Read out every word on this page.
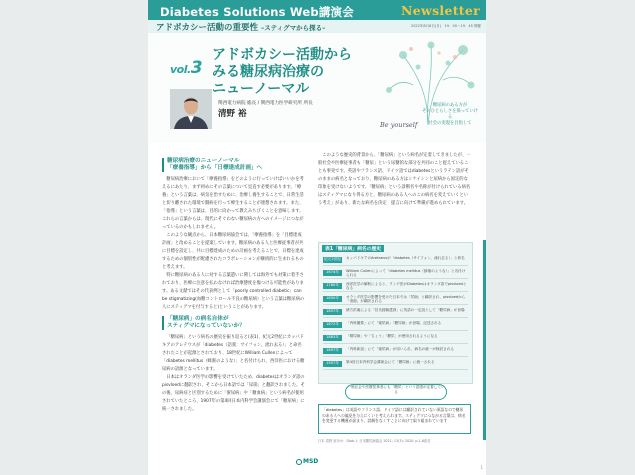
Diabetes Solutions Web講演会	Newsletter
アドボカシー活動の重要性 –スティグマから探る–	2022年8月8日(月)　19：00〜19：45 開催
vol.3
アドボカシー活動から
みる糖尿病治療の
ニューノーマル
関西電力病院 総長 / 関西電力医学研究所 所長
清野 裕
糖尿病のある方が
そのひとらしさを保っていける
社会の実現を目指して
Be yourself
糖尿病治療のニューノーマル
「療養指導」から「日標達成計画」へ

糖尿病治療において「療養指導」をどのように行っていけばいいかを考えるにあたり、まず初めにその言葉について見直す必要があります。「療養」という言葉は、病気を治すために、治療し養生することで、日常生活と切り離された環境で闘病を行って療生することが連想されます。また、「指導」という言葉は、目的に向かって教えみちびくことを意味します。これらの言葉からは、現代にそぐわない糖尿病の方へのイメージにつながっているのかもしれません。

このような観点から、日本糖尿病協会では、「療養指導」を「目標達成計画」と改めることを提案しています。糖尿病のある人と医療従事者が共に目標を設定し、共に目標達成のための計画を考えることで、日標を達成するための個別性が配慮されたコラボレーションが継続的に生まれるものと考えます。

特に糖尿病のある人に対する言葉遣いに関しては海外でも対策に着手されており、医療に注意を払わなければ治療態度を傷つける可能性があります。ある文献ではその代表例として「poorly controlled diabetic」can be stigmatizing(血糖コントロール不良の糖尿病）という言葉は糖尿病の人にスティグマを付与すると)ということがあります。

「糖尿病」の病名自体が
スティグマになっていないか？

「糖尿病」という病名の歴史を振り返ると(表1)、紀元2世紀にカッパドキアのアレテウスが「diabetes（語義：サイフォン、流れ去る）」と命名されたことが起源とされており、18世紀にWilliam Cullenによって「diabetes mellitus（蜂蜜のような）」と名付けられ、西洋医における糖尿病の語源となっています。

日本はオランダ医学の影響を受けていたため、diabetesはオランダ語のpisvloedに翻訳され、そこから日本語では「尿崩」と翻訳されました。その後、尿病症と区別するために「蜜尿病」や「糖血病」という病名が使用されていたところ、1907年の第4回日本内科学会講演会にて「糖尿病」に統一されました。

このような歴史的背景から、「糖尿病」という病名が定着してきましたが、一般社会や医療従事者も「糖尿」という尿糖的な部分を共同のこと捉えていることも事実です。英語やフランス語、ドイツ語ではdiabetesというラテン語がそのままの病名となっており、糖尿病のある方はシケイシンと尿病から固定的な印象を受けないようです。「糖尿病」という診断名や名称が付けられている病名はスティグマになり得る方と、糖尿病のある人へのこの病名を変えていくという考え」があり、新たな病名を決定　提言に向けて準備が進められています。

表1「糖尿病」病名の歴史
紀元2世紀	カッパドキアのAretaeusが「diabetes（サイフォン、流れ去る）」と命名
1674年	William Cullenによって「diabetes mellitus（蜂蜜のような）」と名付けられる
1780年	西洋医学の解釈によると、ランゲ医がDiabetesはオランダ語でpisvloedとなる
1850年	オランダ医学の影響を受けた日本では「尿崩」と翻訳され、pisvloedから「消渇」が翻訳される
1857年	緒方洪庵による「扶氏経験遺訓」に英語の一定説として「糖尿病」が登場
1872年	「内科撮要」にて「蜜尿病」「糖尿病」が登場、記述される
1883年	「精尿病」や「ちょう」「糖尿」が使用されるようになる
1897年	「内科新説」にて「蜜尿病」が用いられ、病名の統一が検討される
1907年	第4回日本内科学会講演会にて「糖尿病」に統一される
一般社会や医療従事者にも「糖尿」という語感が定着している
「diabetes」は英語やフランス語、ドイツ語には翻訳されていない原語なので糖尿のある人への偏見を与えにくいと考えられます。スティグマにつながる言葉は、病名を変更する機運が高まり、誤解をなくすことに向けて取り組まれています
日本 清野 裕ほか：Diab. J. 日本糖尿病協会 2021; 13(3): 2020. p.1-6改変
MSD
1
